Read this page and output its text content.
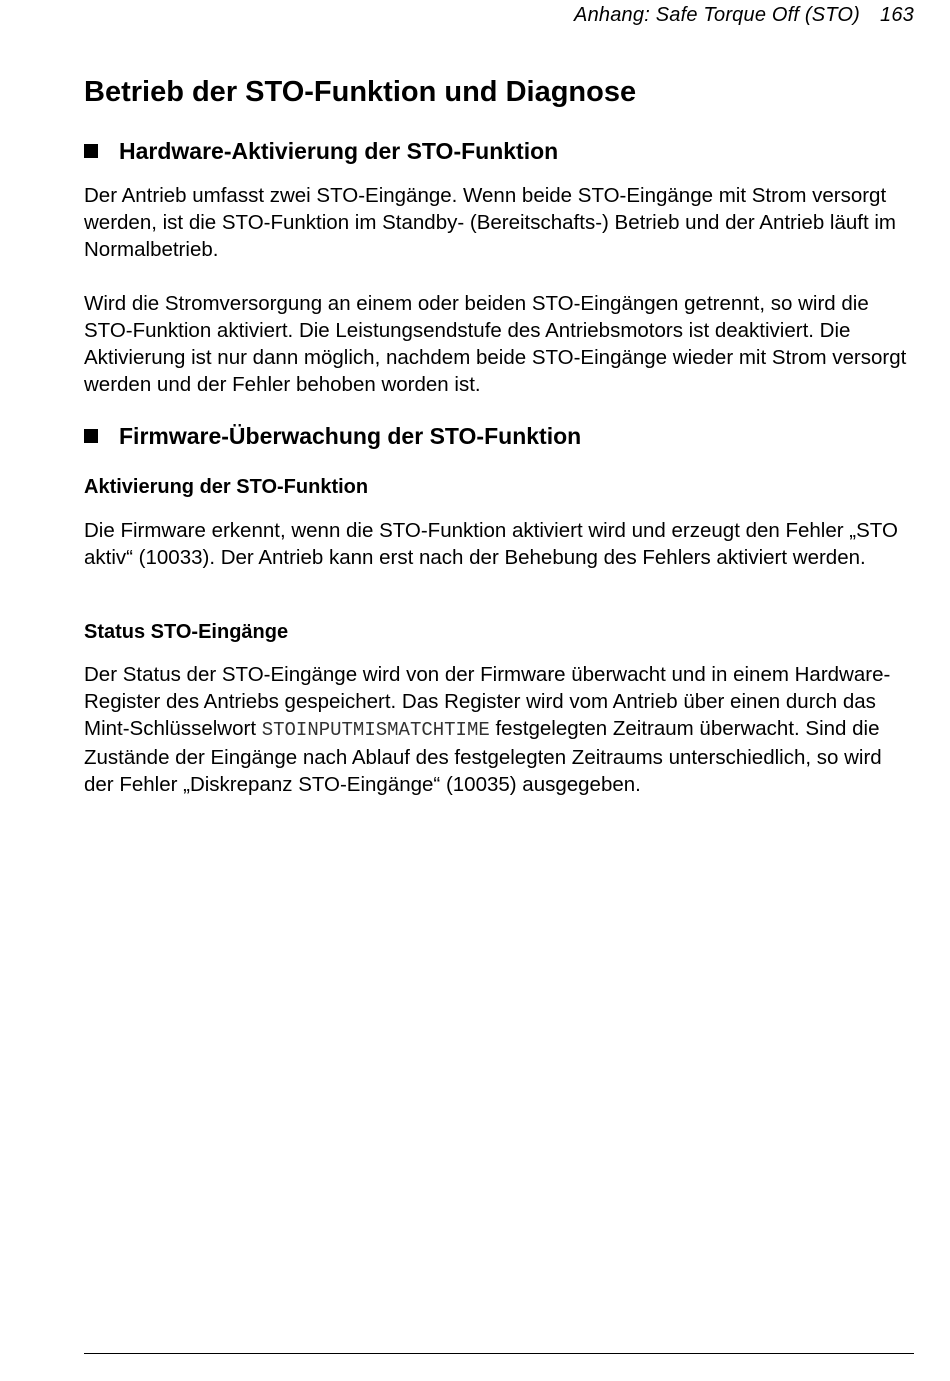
Anhang: Safe Torque Off (STO) 163
Betrieb der STO-Funktion und Diagnose
Hardware-Aktivierung der STO-Funktion

Der Antrieb umfasst zwei STO-Eingänge. Wenn beide STO-Eingänge mit Strom versorgt werden, ist die STO-Funktion im Standby- (Bereitschafts-) Betrieb und der Antrieb läuft im Normalbetrieb.

Wird die Stromversorgung an einem oder beiden STO-Eingängen getrennt, so wird die STO-Funktion aktiviert. Die Leistungsendstufe des Antriebsmotors ist deaktiviert. Die Aktivierung ist nur dann möglich, nachdem beide STO-Eingänge wieder mit Strom versorgt werden und der Fehler behoben worden ist.

Firmware-Überwachung der STO-Funktion
Aktivierung der STO-Funktion

Die Firmware erkennt, wenn die STO-Funktion aktiviert wird und erzeugt den Fehler „STO aktiv“ (10033). Der Antrieb kann erst nach der Behebung des Fehlers aktiviert werden.

Status STO-Eingänge

Der Status der STO-Eingänge wird von der Firmware überwacht und in einem Hardware-Register des Antriebs gespeichert. Das Register wird vom Antrieb über einen durch das Mint-Schlüsselwort STOINPUTMISMATCHTIME festgelegten Zeitraum überwacht. Sind die Zustände der Eingänge nach Ablauf des festgelegten Zeitraums unterschiedlich, so wird der Fehler „Diskrepanz STO-Eingänge“ (10035) ausgegeben.
